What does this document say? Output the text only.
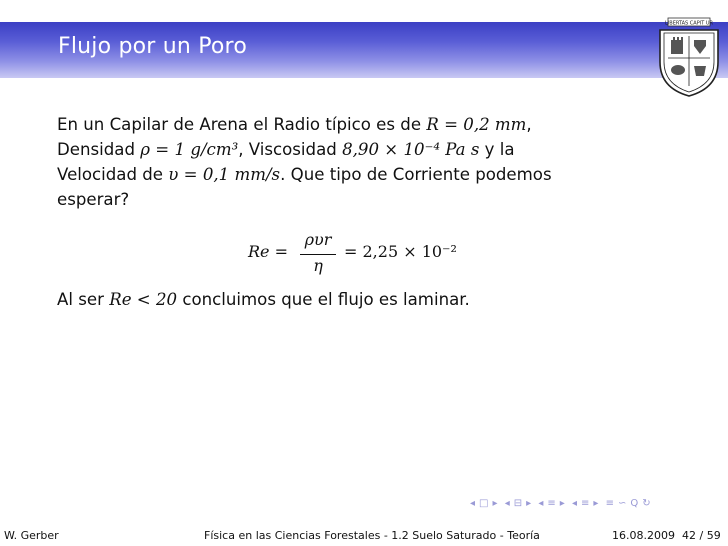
Flujo por un Poro
LIBERTAS CAPIT UR
En un Capilar de Arena el Radio típico es de R = 0,2 mm,
Densidad ρ = 1 g/cm³, Viscosidad 8,90 × 10⁻⁴ Pa s y la
Velocidad de υ = 0,1 mm/s. Que tipo de Corriente podemos
esperar?
Re =
ρυr
η
= 2,25 × 10⁻²
Al ser Re < 20 concluimos que el flujo es laminar.
◂ □ ▸ ◂ ⊟ ▸ ◂ ≡ ▸ ◂ ≡ ▸ ≡ ∽ Q ↻
W. Gerber	Física en las Ciencias Forestales - 1.2 Suelo Saturado - Teoría	16.08.2009 42 / 59
